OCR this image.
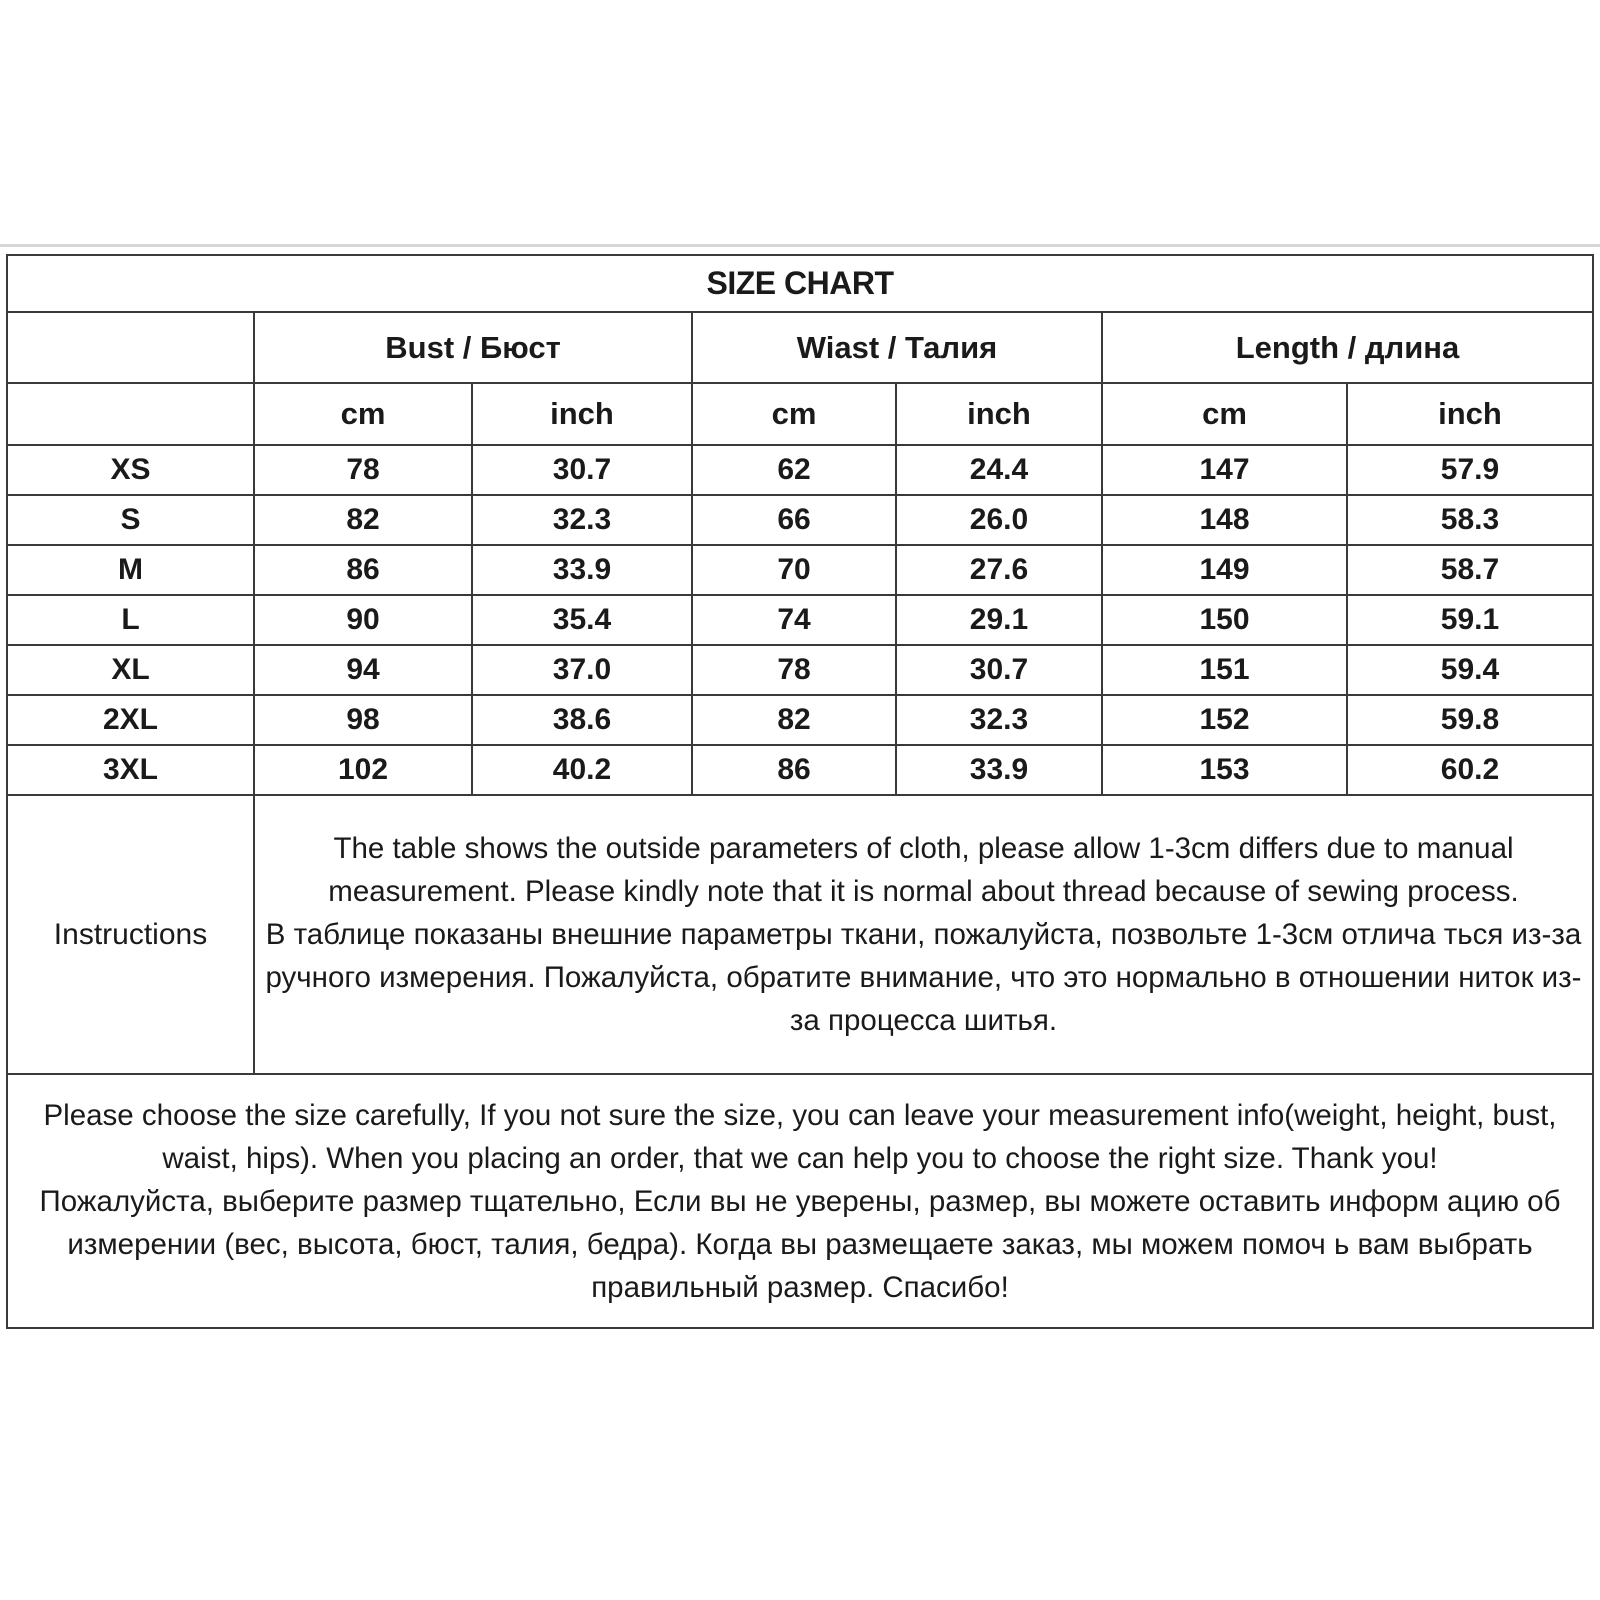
SIZE CHART						
	Bust / Бюст		Wiast / Талия		Length / длина	
	cm	inch	cm	inch	cm	inch
XS	78	30.7	62	24.4	147	57.9
S	82	32.3	66	26.0	148	58.3
M	86	33.9	70	27.6	149	58.7
L	90	35.4	74	29.1	150	59.1
XL	94	37.0	78	30.7	151	59.4
2XL	98	38.6	82	32.3	152	59.8
3XL	102	40.2	86	33.9	153	60.2
Instructions	The table shows the outside parameters of cloth, please allow 1-3cm differs due to manual measurement. Please kindly note that it is normal about thread because of sewing process.
В таблице показаны внешние параметры ткани, пожалуйста, позвольте 1-3см отлича ться из-за ручного измерения. Пожалуйста, обратите внимание, что это нормально в отношении ниток из-за процесса шитья.					

Please choose the size carefully, If you not sure the size, you can leave your measurement info(weight, height, bust, waist, hips). When you placing an order, that we can help you to choose the right size. Thank you!
Пожалуйста, выберите размер тщательно, Если вы не уверены, размер, вы можете оставить информ ацию об измерении (вес, высота, бюст, талия, бедра). Когда вы размещаете заказ, мы можем помоч ь вам выбрать правильный размер. Спасибо!						
